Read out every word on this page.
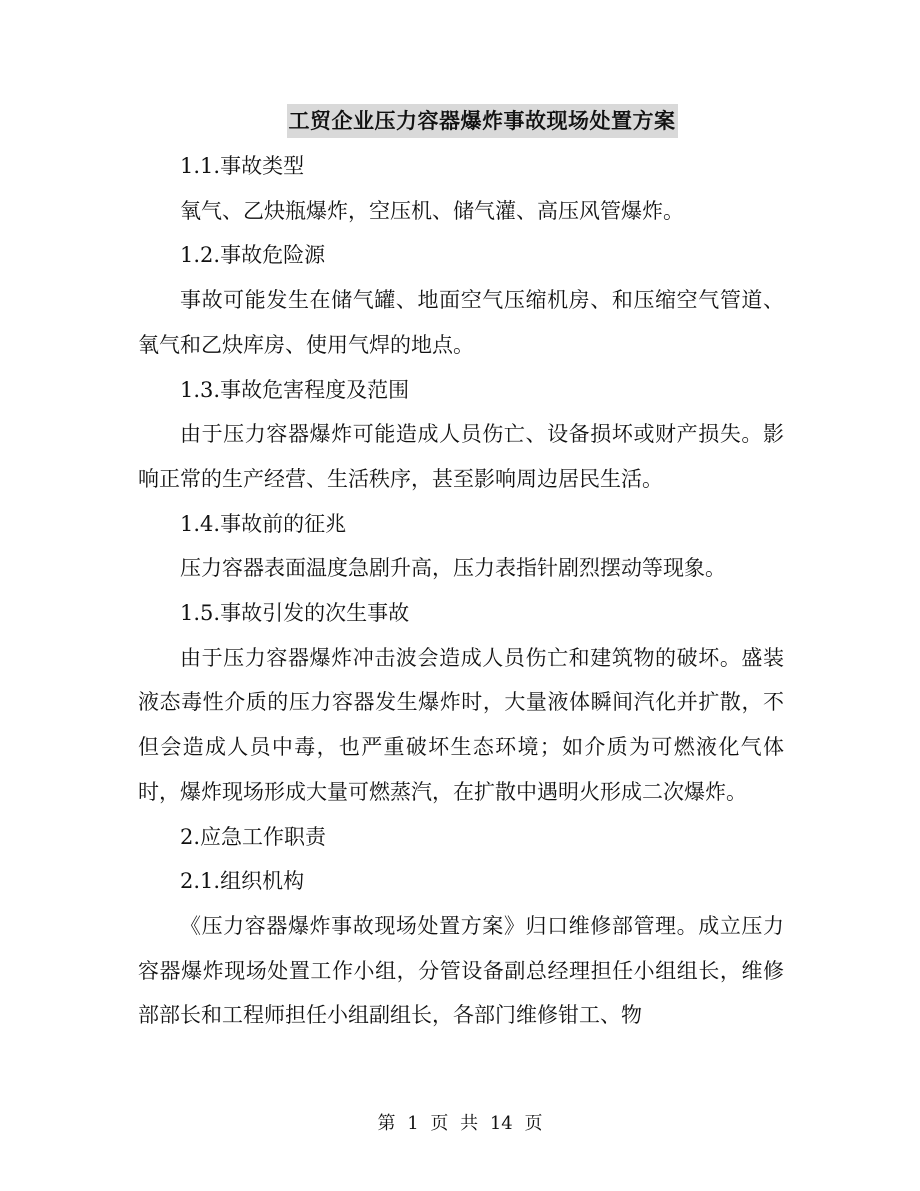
工贸企业压力容器爆炸事故现场处置方案

1.1.事故类型

氧气、乙炔瓶爆炸，空压机、储气灌、高压风管爆炸。

1.2.事故危险源

事故可能发生在储气罐、地面空气压缩机房、和压缩空气管道、氧气和乙炔库房、使用气焊的地点。

1.3.事故危害程度及范围

由于压力容器爆炸可能造成人员伤亡、设备损坏或财产损失。影响正常的生产经营、生活秩序，甚至影响周边居民生活。

1.4.事故前的征兆

压力容器表面温度急剧升高，压力表指针剧烈摆动等现象。

1.5.事故引发的次生事故

由于压力容器爆炸冲击波会造成人员伤亡和建筑物的破坏。盛装液态毒性介质的压力容器发生爆炸时，大量液体瞬间汽化并扩散，不但会造成人员中毒，也严重破坏生态环境；如介质为可燃液化气体时，爆炸现场形成大量可燃蒸汽，在扩散中遇明火形成二次爆炸。

2.应急工作职责

2.1.组织机构

《压力容器爆炸事故现场处置方案》归口维修部管理。成立压力容器爆炸现场处置工作小组，分管设备副总经理担任小组组长，维修部部长和工程师担任小组副组长，各部门维修钳工、物

第 1 页 共 14 页
